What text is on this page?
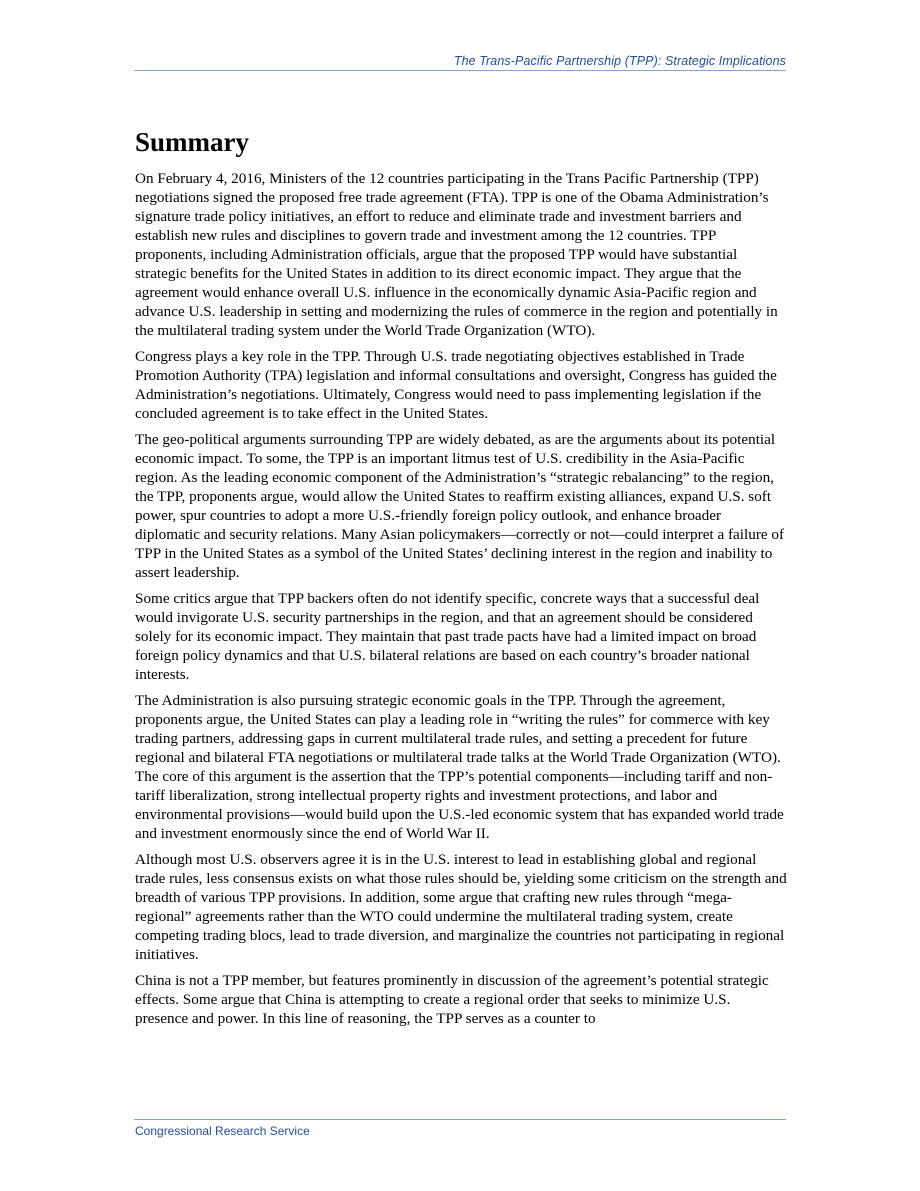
The Trans-Pacific Partnership (TPP): Strategic Implications
Summary

On February 4, 2016, Ministers of the 12 countries participating in the Trans Pacific Partnership (TPP) negotiations signed the proposed free trade agreement (FTA). TPP is one of the Obama Administration’s signature trade policy initiatives, an effort to reduce and eliminate trade and investment barriers and establish new rules and disciplines to govern trade and investment among the 12 countries. TPP proponents, including Administration officials, argue that the proposed TPP would have substantial strategic benefits for the United States in addition to its direct economic impact. They argue that the agreement would enhance overall U.S. influence in the economically dynamic Asia-Pacific region and advance U.S. leadership in setting and modernizing the rules of commerce in the region and potentially in the multilateral trading system under the World Trade Organization (WTO).

Congress plays a key role in the TPP. Through U.S. trade negotiating objectives established in Trade Promotion Authority (TPA) legislation and informal consultations and oversight, Congress has guided the Administration’s negotiations. Ultimately, Congress would need to pass implementing legislation if the concluded agreement is to take effect in the United States.

The geo-political arguments surrounding TPP are widely debated, as are the arguments about its potential economic impact. To some, the TPP is an important litmus test of U.S. credibility in the Asia-Pacific region. As the leading economic component of the Administration’s “strategic rebalancing” to the region, the TPP, proponents argue, would allow the United States to reaffirm existing alliances, expand U.S. soft power, spur countries to adopt a more U.S.-friendly foreign policy outlook, and enhance broader diplomatic and security relations. Many Asian policymakers—correctly or not—could interpret a failure of TPP in the United States as a symbol of the United States’ declining interest in the region and inability to assert leadership.

Some critics argue that TPP backers often do not identify specific, concrete ways that a successful deal would invigorate U.S. security partnerships in the region, and that an agreement should be considered solely for its economic impact. They maintain that past trade pacts have had a limited impact on broad foreign policy dynamics and that U.S. bilateral relations are based on each country’s broader national interests.

The Administration is also pursuing strategic economic goals in the TPP. Through the agreement, proponents argue, the United States can play a leading role in “writing the rules” for commerce with key trading partners, addressing gaps in current multilateral trade rules, and setting a precedent for future regional and bilateral FTA negotiations or multilateral trade talks at the World Trade Organization (WTO). The core of this argument is the assertion that the TPP’s potential components—including tariff and non-tariff liberalization, strong intellectual property rights and investment protections, and labor and environmental provisions—would build upon the U.S.-led economic system that has expanded world trade and investment enormously since the end of World War II.

Although most U.S. observers agree it is in the U.S. interest to lead in establishing global and regional trade rules, less consensus exists on what those rules should be, yielding some criticism on the strength and breadth of various TPP provisions. In addition, some argue that crafting new rules through “mega-regional” agreements rather than the WTO could undermine the multilateral trading system, create competing trading blocs, lead to trade diversion, and marginalize the countries not participating in regional initiatives.

China is not a TPP member, but features prominently in discussion of the agreement’s potential strategic effects. Some argue that China is attempting to create a regional order that seeks to minimize U.S. presence and power. In this line of reasoning, the TPP serves as a counter to

Congressional Research Service
